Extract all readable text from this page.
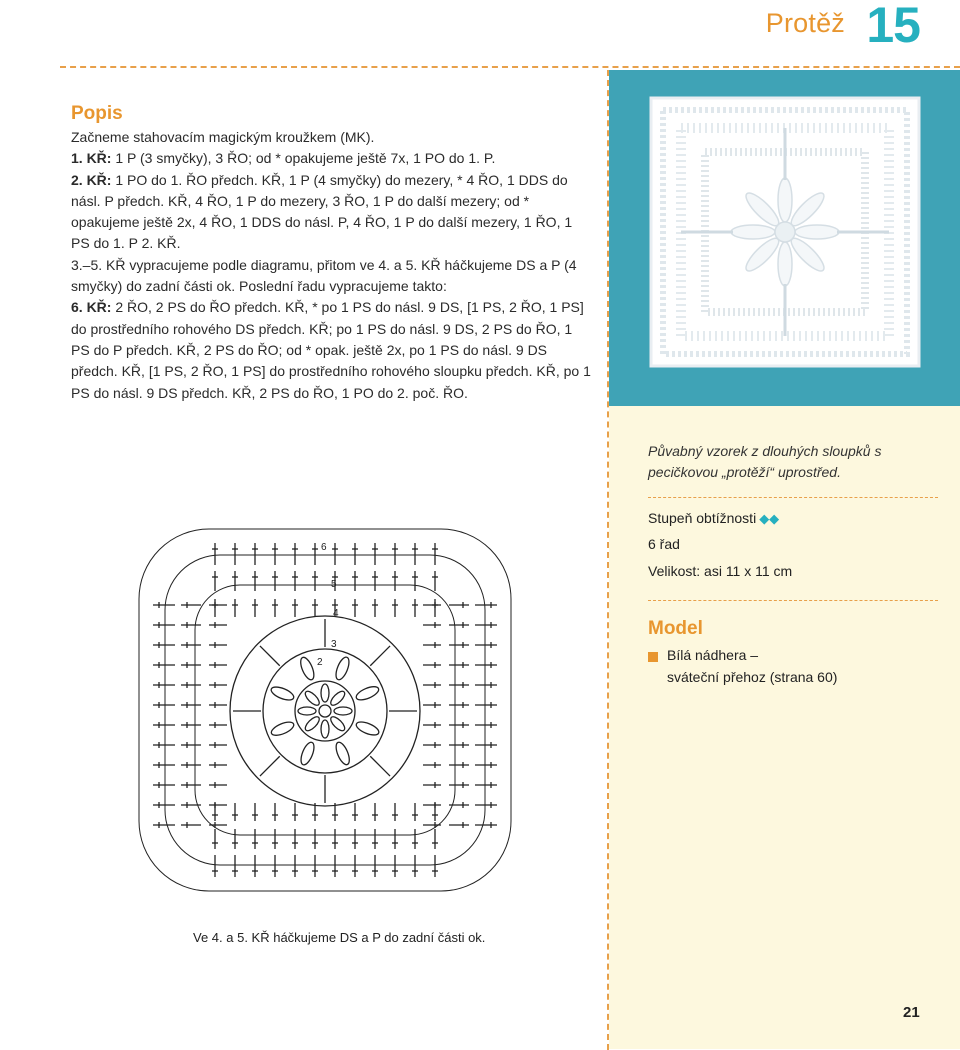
Protěž 15
Popis

Začneme stahovacím magickým kroužkem (MK).

1. KŘ: 1 P (3 smyčky), 3 ŘO; od * opakujeme ještě 7x, 1 PO do 1. P.

2. KŘ: 1 PO do 1. ŘO předch. KŘ, 1 P (4 smyčky) do mezery, * 4 ŘO, 1 DDS do násl. P předch. KŘ, 4 ŘO, 1 P do mezery, 3 ŘO, 1 P do další mezery; od * opakujeme ještě 2x, 4 ŘO, 1 DDS do násl. P, 4 ŘO, 1 P do další mezery, 1 ŘO, 1 PS do 1. P 2. KŘ.

3.–5. KŘ vypracujeme podle diagramu, přitom ve 4. a 5. KŘ háčkujeme DS a P (4 smyčky) do zadní části ok. Poslední řadu vypracujeme takto:

6. KŘ: 2 ŘO, 2 PS do ŘO předch. KŘ, * po 1 PS do násl. 9 DS, [1 PS, 2 ŘO, 1 PS] do prostředního rohového DS předch. KŘ; po 1 PS do násl. 9 DS, 2 PS do ŘO, 1 PS do P předch. KŘ, 2 PS do ŘO; od * opak. ještě 2x, po 1 PS do násl. 9 DS předch. KŘ, [1 PS, 2 ŘO, 1 PS] do prostředního rohového sloupku předch. KŘ, po 1 PS do násl. 9 DS předch. KŘ, 2 PS do ŘO, 1 PO do 2. poč. ŘO.

Půvabný vzorek z dlouhých sloupků s pecičkovou „protěží“ uprostřed.
Stupeň obtížnosti ◆◆
6 řad
Velikost: asi 11 x 11 cm
Model
Bílá nádhera –
sváteční přehoz (strana 60)
6
5
4
3
2
Ve 4. a 5. KŘ háčkujeme DS a P do zadní části ok.
21
